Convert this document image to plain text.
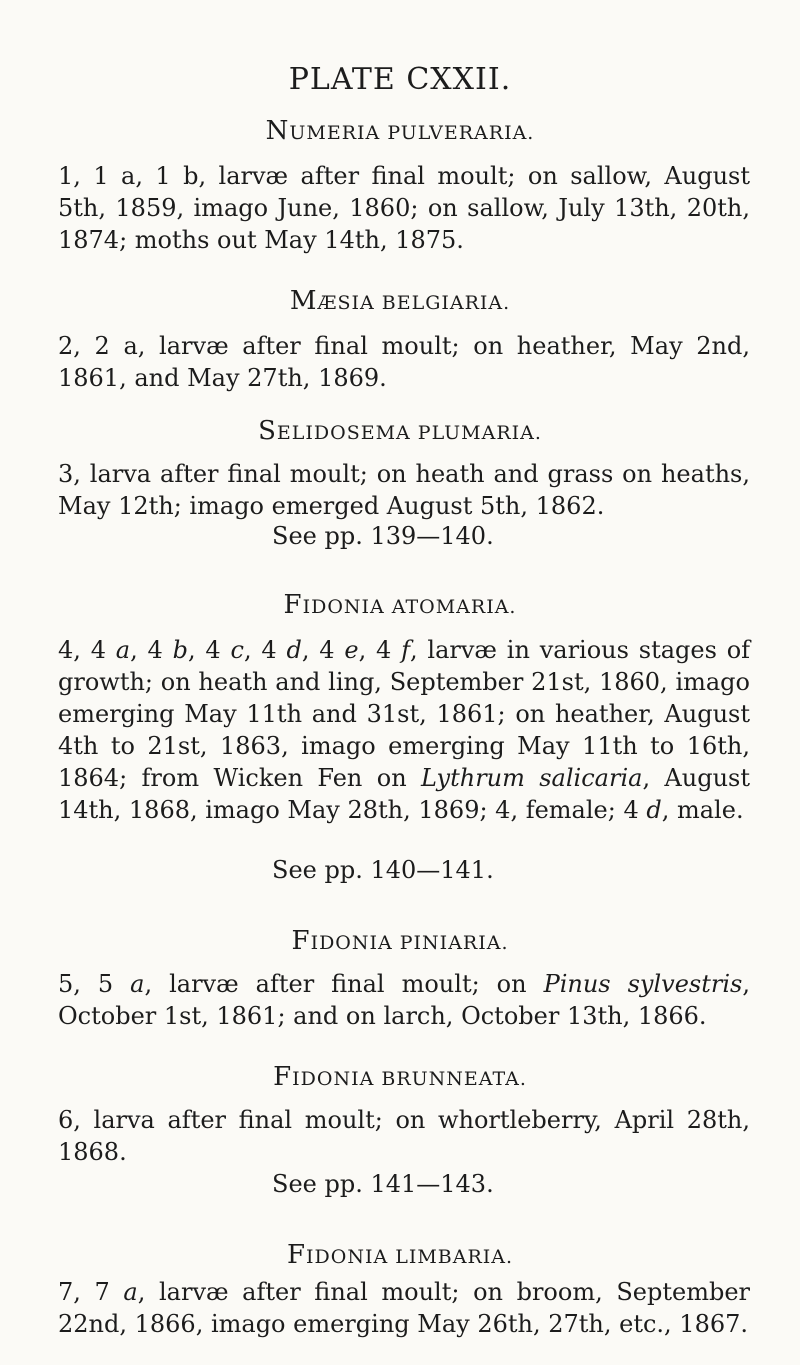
PLATE CXXII.
NUMERIA PULVERARIA.
1, 1 a, 1 b, larvæ after final moult; on sallow, August 5th, 1859, imago June, 1860; on sallow, July 13th, 20th, 1874; moths out May 14th, 1875.
MÆSIA BELGIARIA.
2, 2 a, larvæ after final moult; on heather, May 2nd, 1861, and May 27th, 1869.
SELIDOSEMA PLUMARIA.
3, larva after final moult; on heath and grass on heaths, May 12th; imago emerged August 5th, 1862.
See pp. 139—140.
FIDONIA ATOMARIA.
4, 4 a, 4 b, 4 c, 4 d, 4 e, 4 f, larvæ in various stages of growth; on heath and ling, September 21st, 1860, imago emerging May 11th and 31st, 1861; on heather, August 4th to 21st, 1863, imago emerging May 11th to 16th, 1864; from Wicken Fen on Lythrum salicaria, August 14th, 1868, imago May 28th, 1869; 4, female; 4 d, male.
See pp. 140—141.
FIDONIA PINIARIA.
5, 5 a, larvæ after final moult; on Pinus sylvestris, October 1st, 1861; and on larch, October 13th, 1866.
FIDONIA BRUNNEATA.
6, larva after final moult; on whortleberry, April 28th, 1868.
See pp. 141—143.
FIDONIA LIMBARIA.
7, 7 a, larvæ after final moult; on broom, September 22nd, 1866, imago emerging May 26th, 27th, etc., 1867.
